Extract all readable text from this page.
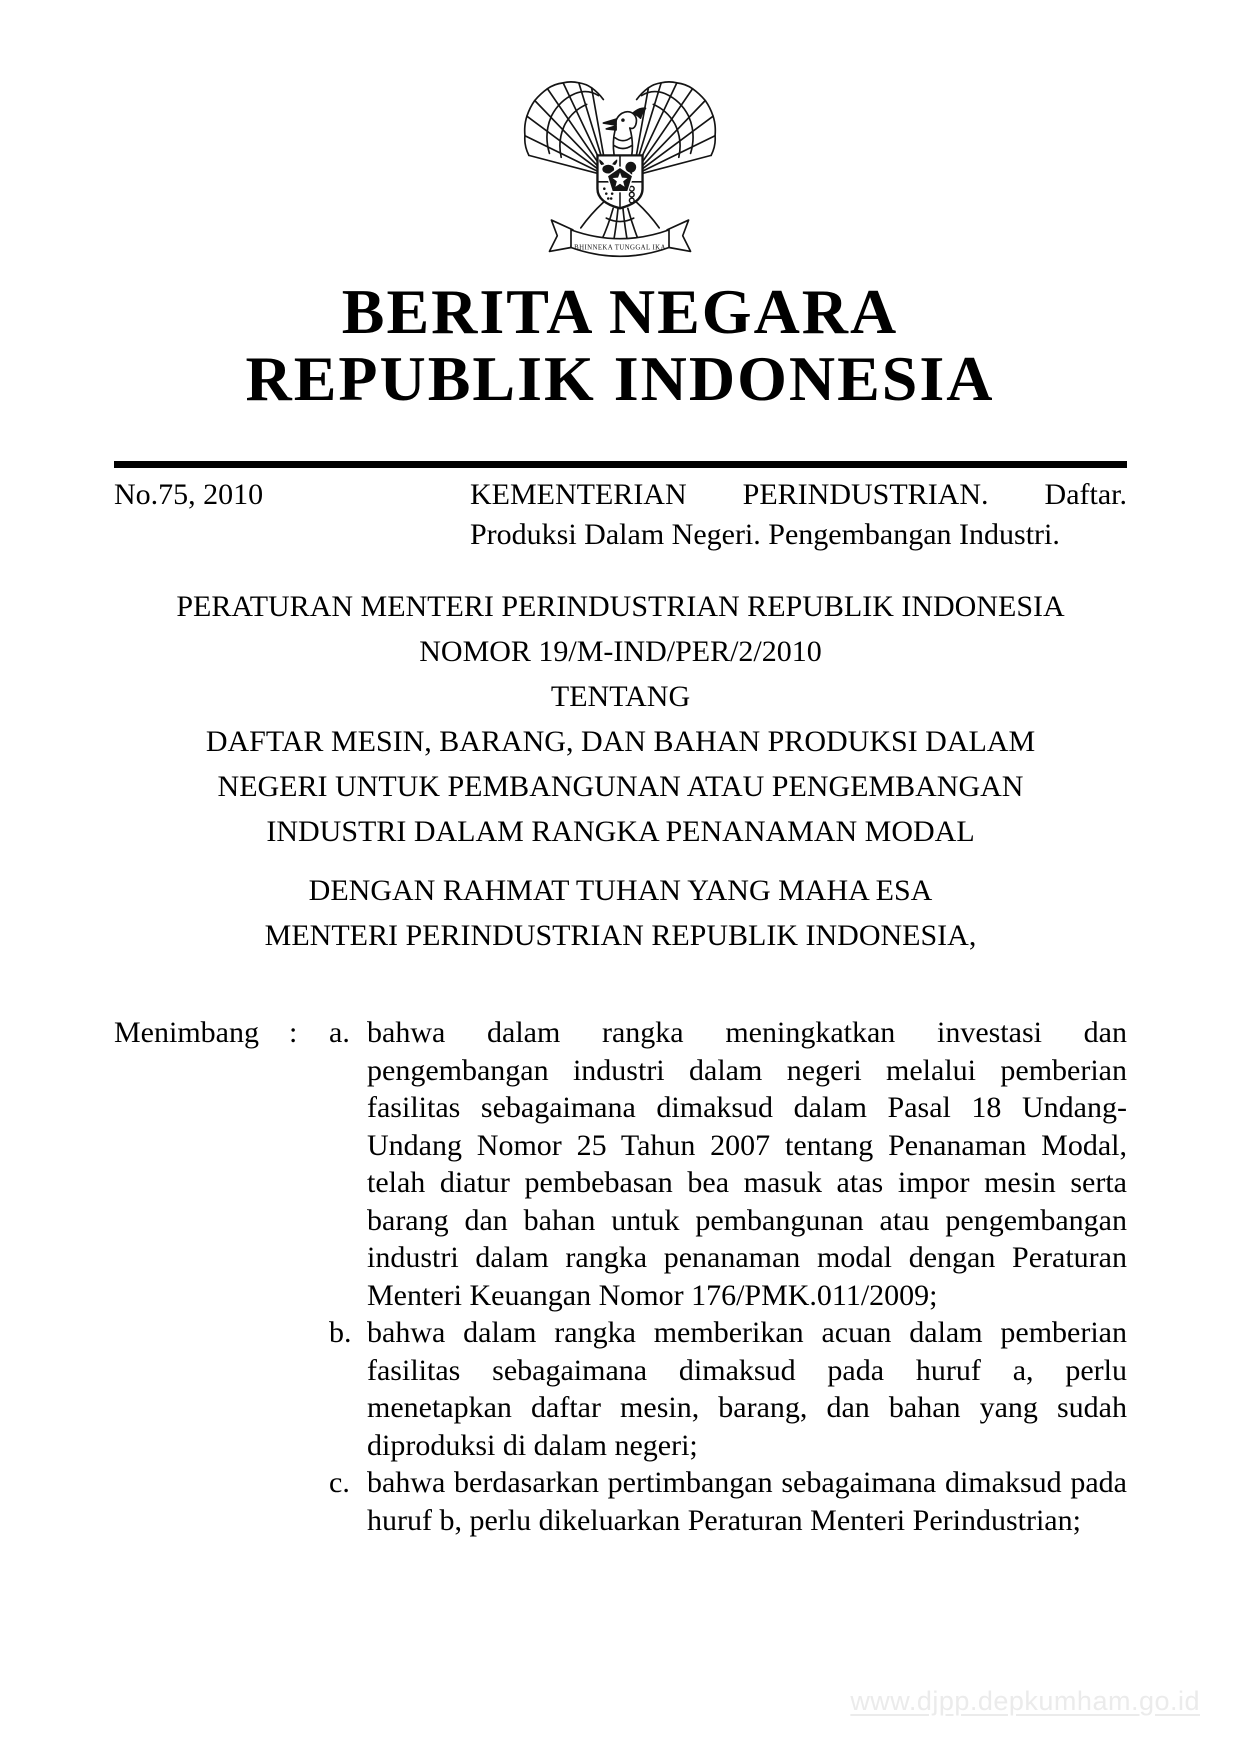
BHINNEKA TUNGGAL IKA
BERITA NEGARA
REPUBLIK INDONESIA
No.75, 2010	KEMENTERIAN PERINDUSTRIAN. Daftar.
Produksi Dalam Negeri. Pengembangan Industri.
PERATURAN MENTERI PERINDUSTRIAN REPUBLIK INDONESIA
NOMOR 19/M-IND/PER/2/2010
TENTANG
DAFTAR MESIN, BARANG, DAN BAHAN PRODUKSI DALAM
NEGERI UNTUK PEMBANGUNAN ATAU PENGEMBANGAN
INDUSTRI DALAM RANGKA PENANAMAN MODAL
DENGAN RAHMAT TUHAN YANG MAHA ESA
MENTERI PERINDUSTRIAN REPUBLIK INDONESIA,
Menimbang	:	a. bahwa dalam rangka meningkatkan investasi dan pengembangan industri dalam negeri melalui pemberian fasilitas sebagaimana dimaksud dalam Pasal 18 Undang-Undang Nomor 25 Tahun 2007 tentang Penanaman Modal, telah diatur pembebasan bea masuk atas impor mesin serta barang dan bahan untuk pembangunan atau pengembangan industri dalam rangka penanaman modal dengan Peraturan Menteri Keuangan Nomor 176/PMK.011/2009;
b. bahwa dalam rangka memberikan acuan dalam pemberian fasilitas sebagaimana dimaksud pada huruf a, perlu menetapkan daftar mesin, barang, dan bahan yang sudah diproduksi di dalam negeri;
c. bahwa berdasarkan pertimbangan sebagaimana dimaksud pada huruf b, perlu dikeluarkan Peraturan Menteri Perindustrian;
www.djpp.depkumham.go.id
